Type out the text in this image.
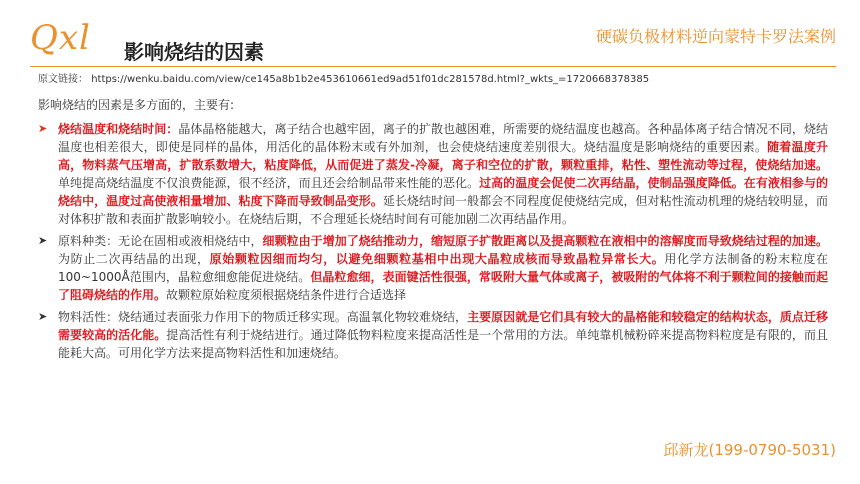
Qxl 影响烧结的因素
硬碳负极材料逆向蒙特卡罗法案例
原文链接： https://wenku.baidu.com/view/ce145a8b1b2e453610661ed9ad51f01dc281578d.html?_wkts_=1720668378385

影响烧结的因素是多方面的，主要有:

➤ 烧结温度和烧结时间：晶体晶格能越大，离子结合也越牢固，离子的扩散也越困难，所需要的烧结温度也越高。各种晶体离子结合情况不同，烧结温度也相差很大，即使是同样的晶体，用活化的晶体粉末或有外加剂，也会使烧结速度差别很大。烧结温度是影响烧结的重要因素。随着温度升高，物料蒸气压增高，扩散系数增大，粘度降低，从而促进了蒸发-冷凝，离子和空位的扩散，颗粒重排，粘性、塑性流动等过程，使烧结加速。单纯提高烧结温度不仅浪费能源，很不经济，而且还会给制品带来性能的恶化。过高的温度会促使二次再结晶，使制品强度降低。在有液相参与的烧结中，温度过高使液相量增加、粘度下降而导致制品变形。延长烧结时间一般都会不同程度促使烧结完成，但对粘性流动机理的烧结较明显，而对体积扩散和表面扩散影响较小。在烧结后期，不合理延长烧结时间有可能加剧二次再结晶作用。
➤ 原料种类：无论在固相或液相烧结中，细颗粒由于增加了烧结推动力，缩短原子扩散距离以及提高颗粒在液相中的溶解度而导致烧结过程的加速。为防止二次再结晶的出现，原始颗粒因细而均匀，以避免细颗粒基相中出现大晶粒成核而导致晶粒异常长大。用化学方法制备的粉末粒度在100~1000Å范围内，晶粒愈细愈能促进烧结。但晶粒愈细，表面键活性很强，常吸附大量气体或离子，被吸附的气体将不利于颗粒间的接触而起了阻碍烧结的作用。故颗粒原始粒度须根据烧结条件进行合适选择
➤ 物料活性：烧结通过表面张力作用下的物质迁移实现。高温氧化物较难烧结，主要原因就是它们具有较大的晶格能和较稳定的结构状态，质点迁移需要较高的活化能。提高活性有利于烧结进行。通过降低物料粒度来提高活性是一个常用的方法。单纯靠机械粉碎来提高物料粒度是有限的，而且能耗大高。可用化学方法来提高物料活性和加速烧结。
邱新龙(199-0790-5031)
